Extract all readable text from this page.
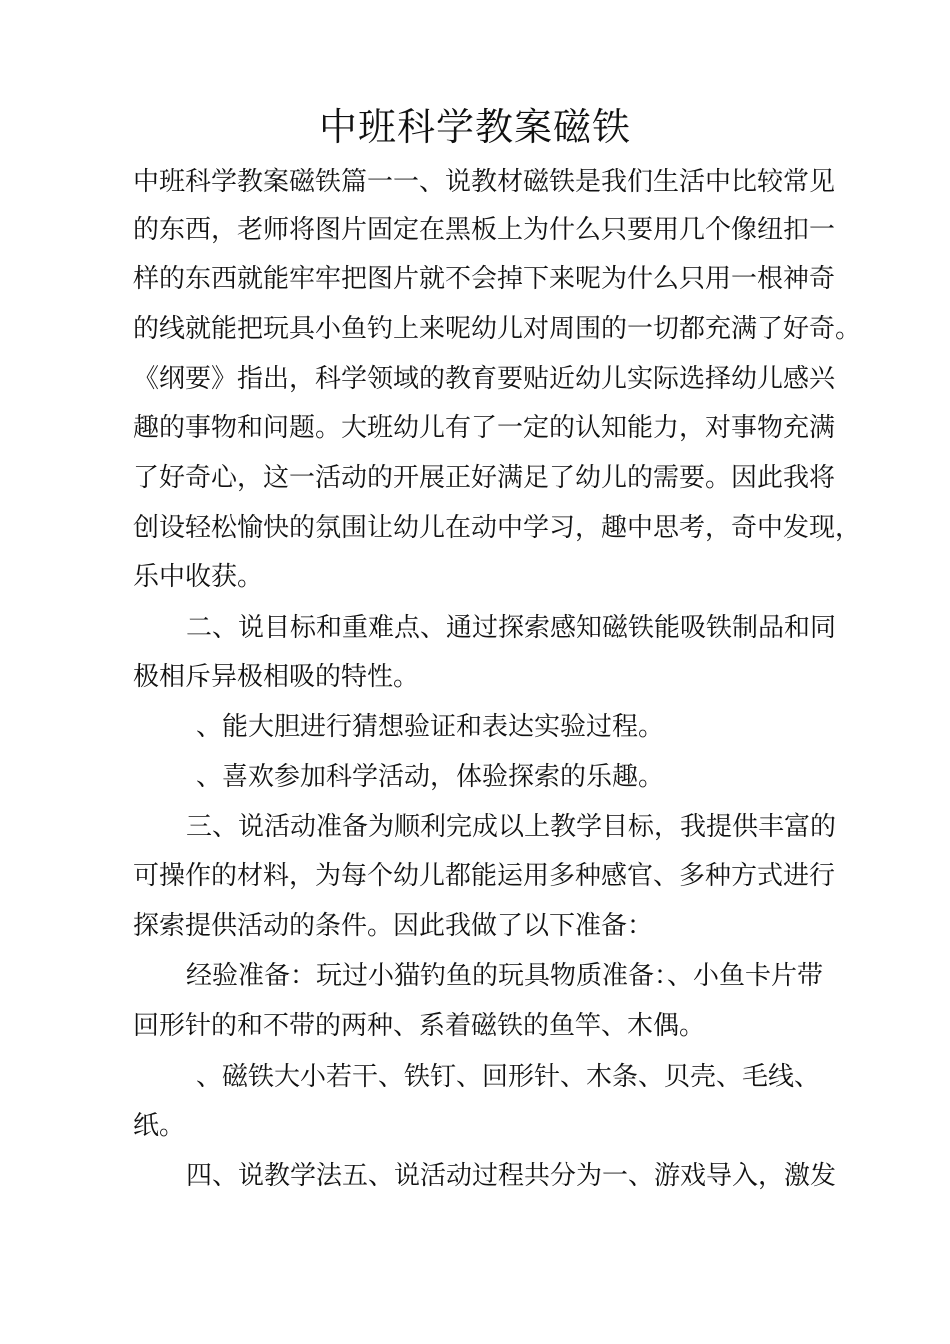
中班科学教案磁铁

中班科学教案磁铁篇一一、说教材磁铁是我们生活中比较常见

的东西，老师将图片固定在黑板上为什么只要用几个像纽扣一

样的东西就能牢牢把图片就不会掉下来呢为什么只用一根神奇

的线就能把玩具小鱼钓上来呢幼儿对周围的一切都充满了好奇。

《纲要》指出，科学领域的教育要贴近幼儿实际选择幼儿感兴

趣的事物和问题。大班幼儿有了一定的认知能力，对事物充满

了好奇心，这一活动的开展正好满足了幼儿的需要。因此我将

创设轻松愉快的氛围让幼儿在动中学习，趣中思考，奇中发现，

乐中收获。

二、说目标和重难点、通过探索感知磁铁能吸铁制品和同

极相斥异极相吸的特性。

、能大胆进行猜想验证和表达实验过程。

、喜欢参加科学活动，体验探索的乐趣。

三、说活动准备为顺利完成以上教学目标，我提供丰富的

可操作的材料，为每个幼儿都能运用多种感官、多种方式进行

探索提供活动的条件。因此我做了以下准备：

经验准备：玩过小猫钓鱼的玩具物质准备：、小鱼卡片带

回形针的和不带的两种、系着磁铁的鱼竿、木偶。

、磁铁大小若干、铁钉、回形针、木条、贝壳、毛线、

纸。

四、说教学法五、说活动过程共分为一、游戏导入，激发
